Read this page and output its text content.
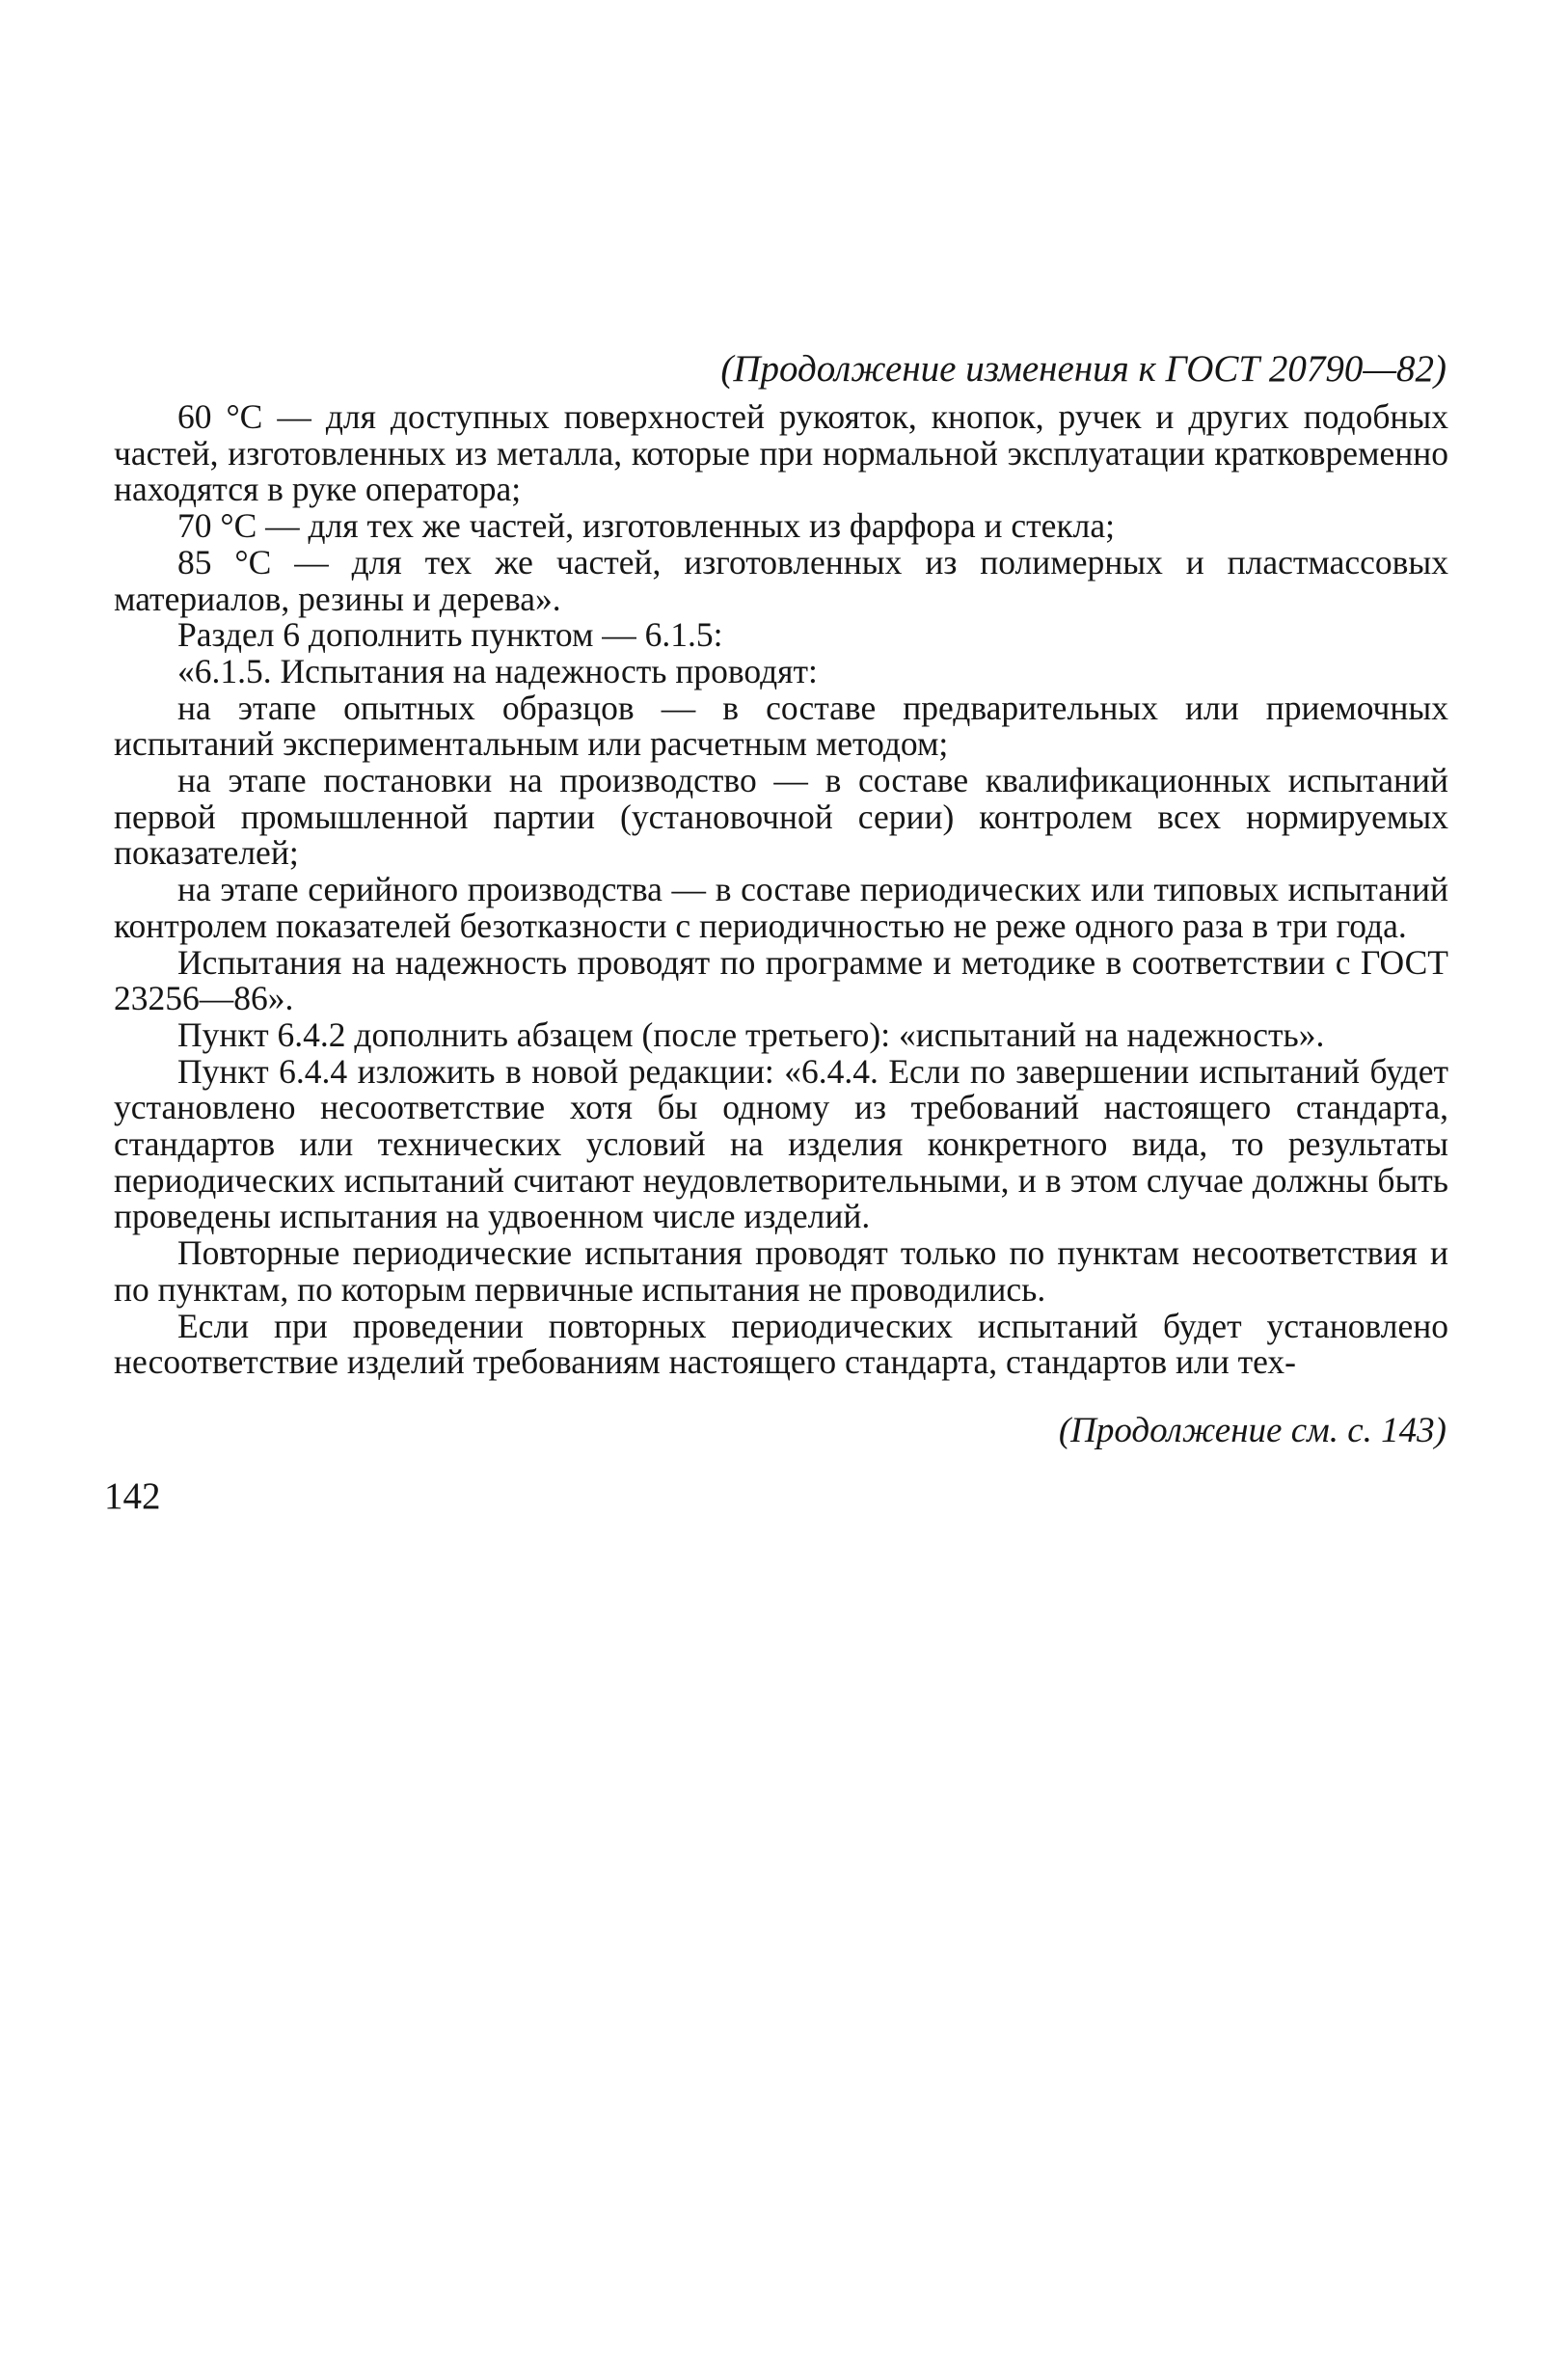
(Продолжение изменения к ГОСТ 20790—82)

60 °С — для доступных поверхностей рукояток, кнопок, ручек и других подобных частей, изготовленных из металла, которые при нормальной эксплуатации кратковременно находятся в руке оператора;

70 °С — для тех же частей, изготовленных из фарфора и стекла;

85 °С — для тех же частей, изготовленных из полимерных и пластмассовых материалов, резины и дерева».

Раздел 6 дополнить пунктом — 6.1.5:

«6.1.5. Испытания на надежность проводят:

на этапе опытных образцов — в составе предварительных или приемочных испытаний экспериментальным или расчетным методом;

на этапе постановки на производство — в составе квалификационных испытаний первой промышленной партии (установочной серии) контролем всех нормируемых показателей;

на этапе серийного производства — в составе периодических или типовых испытаний контролем показателей безотказности с периодичностью не реже одного раза в три года.

Испытания на надежность проводят по программе и методике в соответствии с ГОСТ 23256—86».

Пункт 6.4.2 дополнить абзацем (после третьего): «испытаний на надежность».

Пункт 6.4.4 изложить в новой редакции: «6.4.4. Если по завершении испытаний будет установлено несоответствие хотя бы одному из требований настоящего стандарта, стандартов или технических условий на изделия конкретного вида, то результаты периодических испытаний считают неудовлетворительными, и в этом случае должны быть проведены испытания на удвоенном числе изделий.

Повторные периодические испытания проводят только по пунктам несоответствия и по пунктам, по которым первичные испытания не проводились.

Если при проведении повторных периодических испытаний будет установлено несоответствие изделий требованиям настоящего стандарта, стандартов или тех-

(Продолжение см. с. 143)
142
